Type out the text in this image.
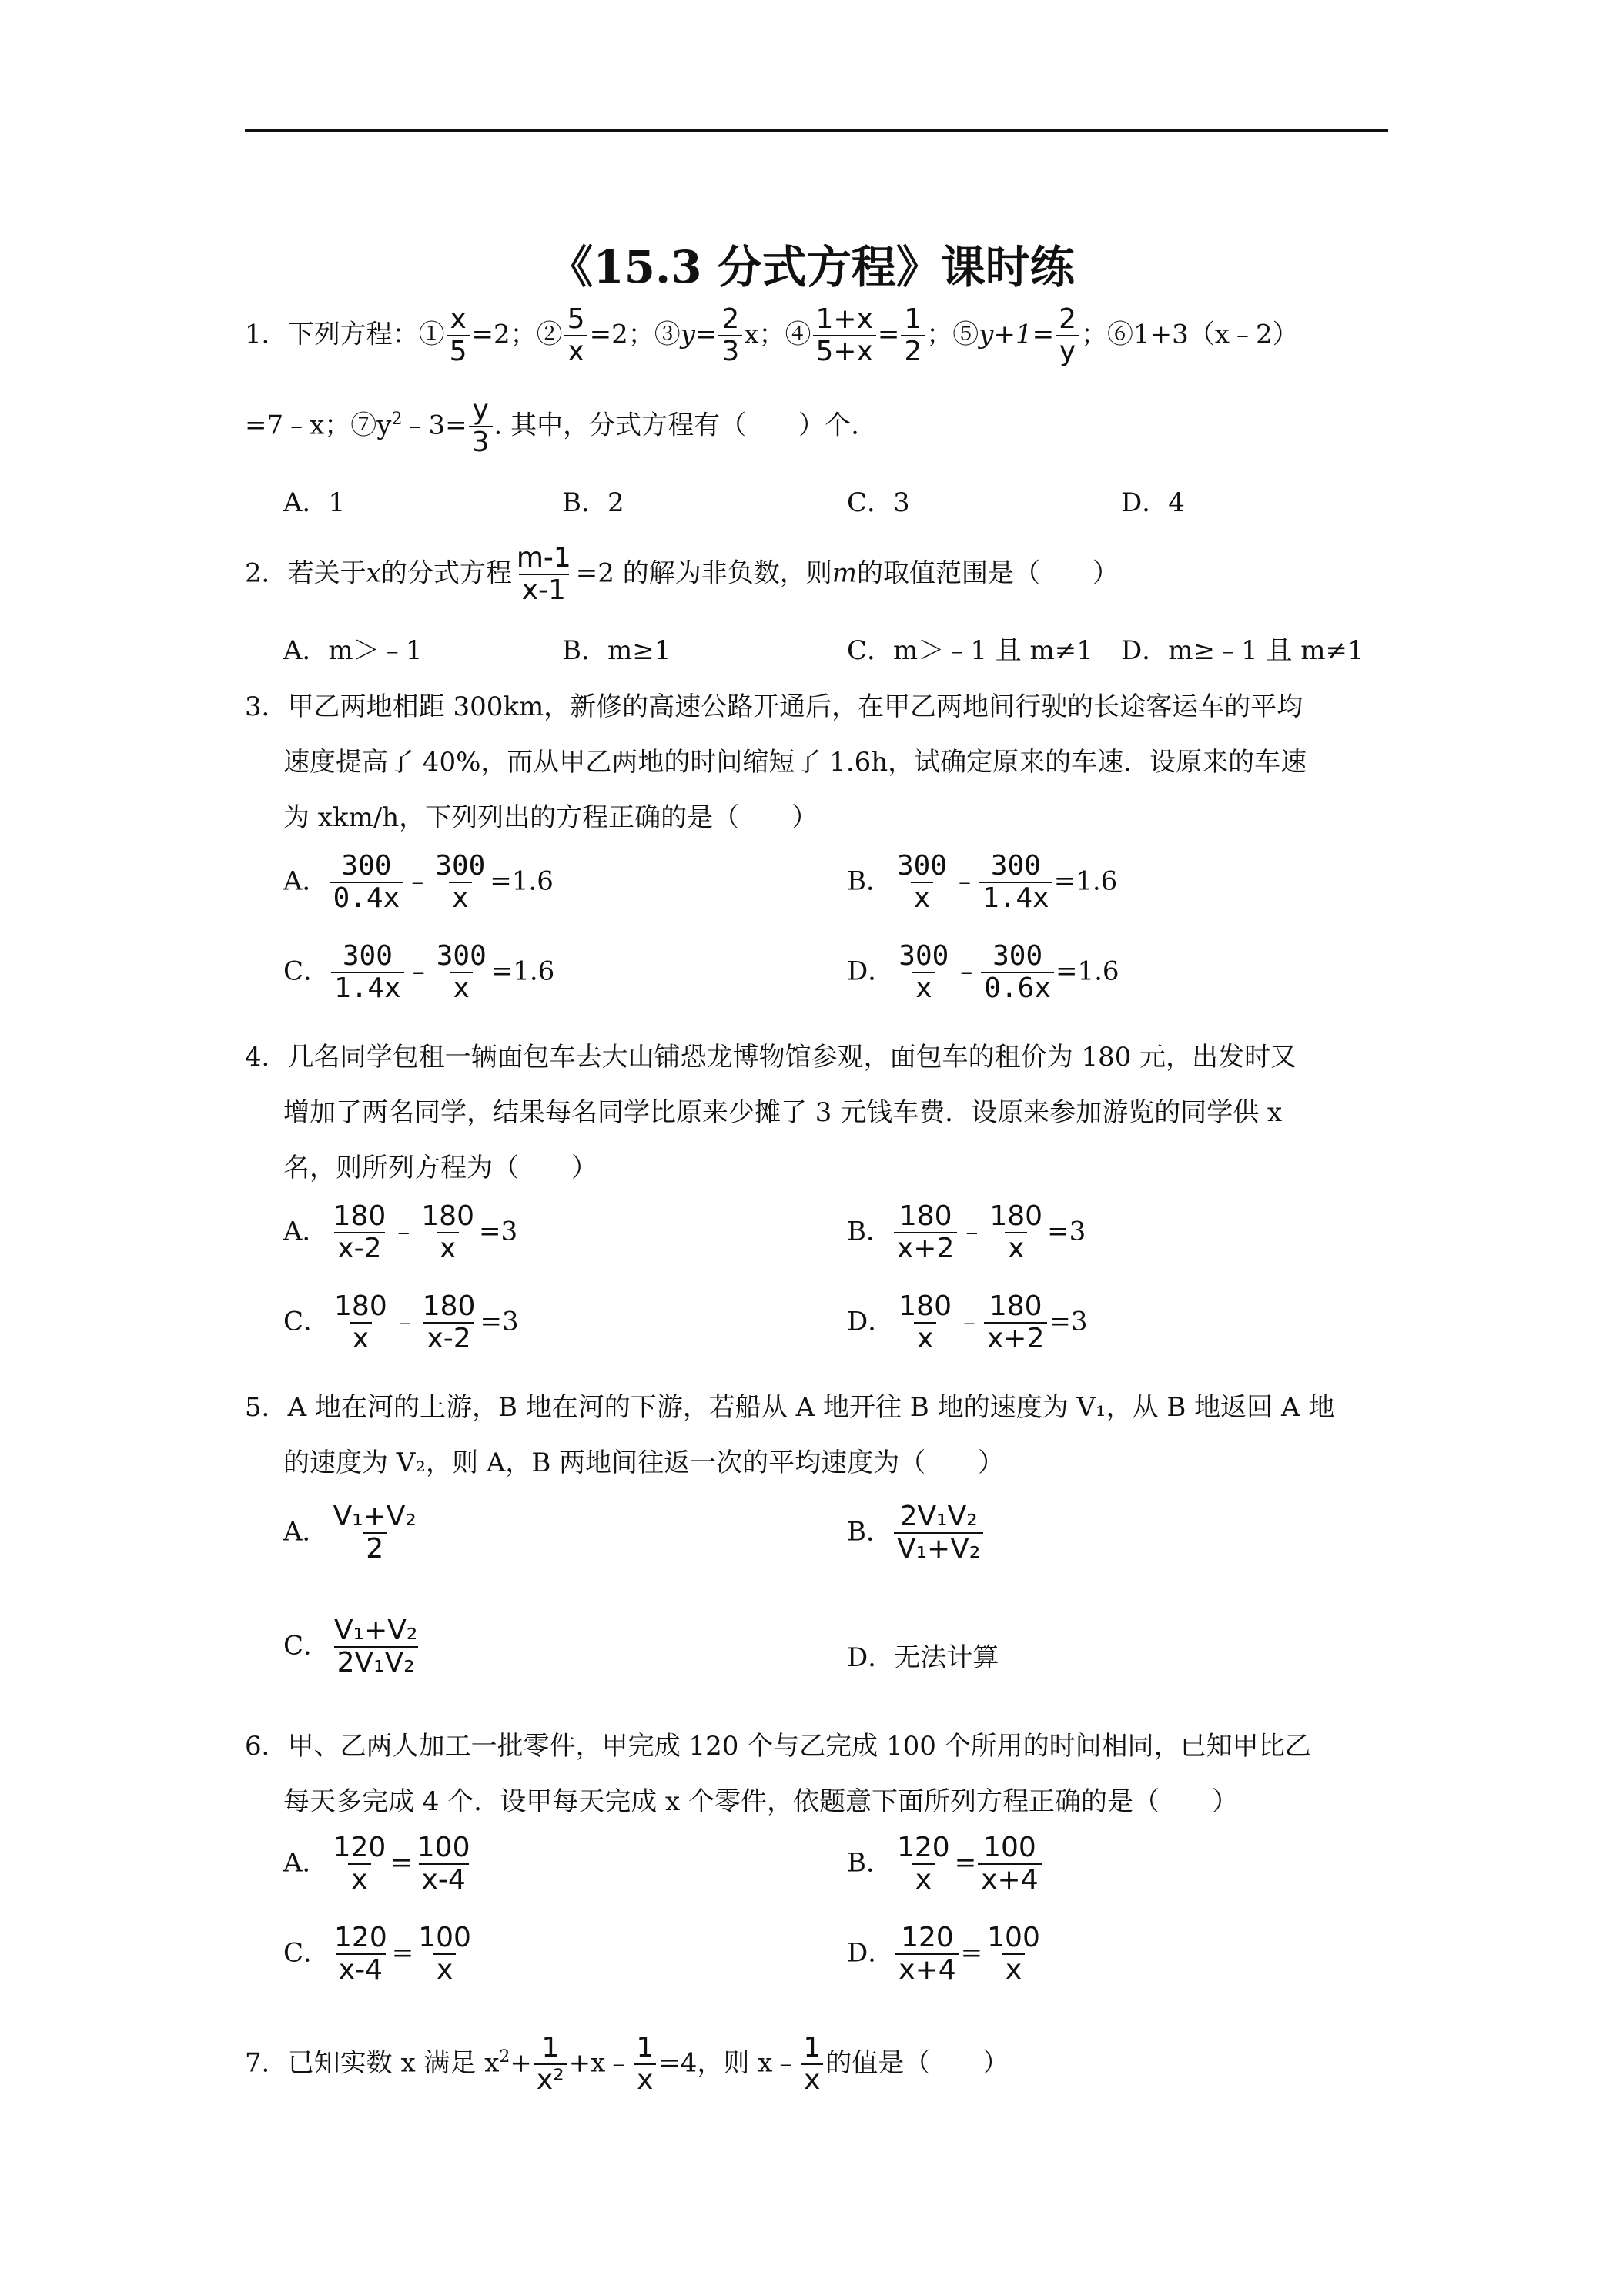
《15.3 分式方程》课时练
1．下列方程：① $\frac{x}{5} =2$；② $\frac{5}{x} =2$；③y= $\frac{2}{3}$ x；④ $\frac{1+x}{5+x} = \frac{1}{2}$ ；⑤y+1= $\frac{2}{y}$ ；⑥1+3（x﹣2）
=7﹣x；$⑦y^2﹣3= \frac{y}{3}$ . 其中，分式方程有（　　）个.
A．1	B．2	C．3	D．4
2．若关于x的分式方程 $\frac{m-1}{x-1} =2$ 的解为非负数，则m的取值范围是（　　）
A．m＞﹣1	B．m≥1	C．m＞﹣1 且 m≠1 D．m≥﹣1 且 m≠1
3．甲乙两地相距 300km，新修的高速公路开通后，在甲乙两地间行驶的长途客运车的平均
速度提高了 40%，而从甲乙两地的时间缩短了 1.6h，试确定原来的车速．设原来的车速
为 xkm/h，下列列出的方程正确的是（　　）
A． $\frac{300}{0.4x}$ ﹣ $\frac{300}{x} =1.6$	B． $\frac{300}{x}$ ﹣ $\frac{300}{1.4x} =1.6$
C． $\frac{300}{1.4x}$ ﹣ $\frac{300}{x} =1.6$	D． $\frac{300}{x}$ ﹣ $\frac{300}{0.6x} =1.6$
4．几名同学包租一辆面包车去大山铺恐龙博物馆参观，面包车的租价为 180 元，出发时又
增加了两名同学，结果每名同学比原来少摊了 3 元钱车费．设原来参加游览的同学供 x
名，则所列方程为（　　）
A． $\frac{180}{x-2}$ ﹣ $\frac{180}{x} =3$	B． $\frac{180}{x+2}$ ﹣ $\frac{180}{x} =3$
C． $\frac{180}{x}$ ﹣ $\frac{180}{x-2} =3$	D． $\frac{180}{x}$ ﹣ $\frac{180}{x+2} =3$
5．A 地在河的上游，B 地在河的下游，若船从 A 地开往 B 地的速度为 V₁，从 B 地返回 A 地
的速度为 V₂，则 A，B 两地间往返一次的平均速度为（　　）
A． $\frac{\text{V₁+V₂}}{2}$	B． $\frac{\text{2V₁V₂}}{\text{V₁+V₂}}$
C． $\frac{\text{V₁+V₂}}{\text{2V₁V₂}}$	D．无法计算
6．甲、乙两人加工一批零件，甲完成 120 个与乙完成 100 个所用的时间相同，已知甲比乙
每天多完成 4 个．设甲每天完成 x 个零件，依题意下面所列方程正确的是（　　）
A． $\frac{120}{x} = \frac{100}{x-4}$	B． $\frac{120}{x} = \frac{100}{x+4}$
C． $\frac{120}{x-4} = \frac{100}{x}$	D． $\frac{120}{x+4} = \frac{100}{x}$
7．已知实数 x 满足 $x^2+ \frac{1}{\text{x²}}$ +x﹣ $\frac{1}{x} =4$，则 x﹣ $\frac{1}{x}$ 的值是（　　）
